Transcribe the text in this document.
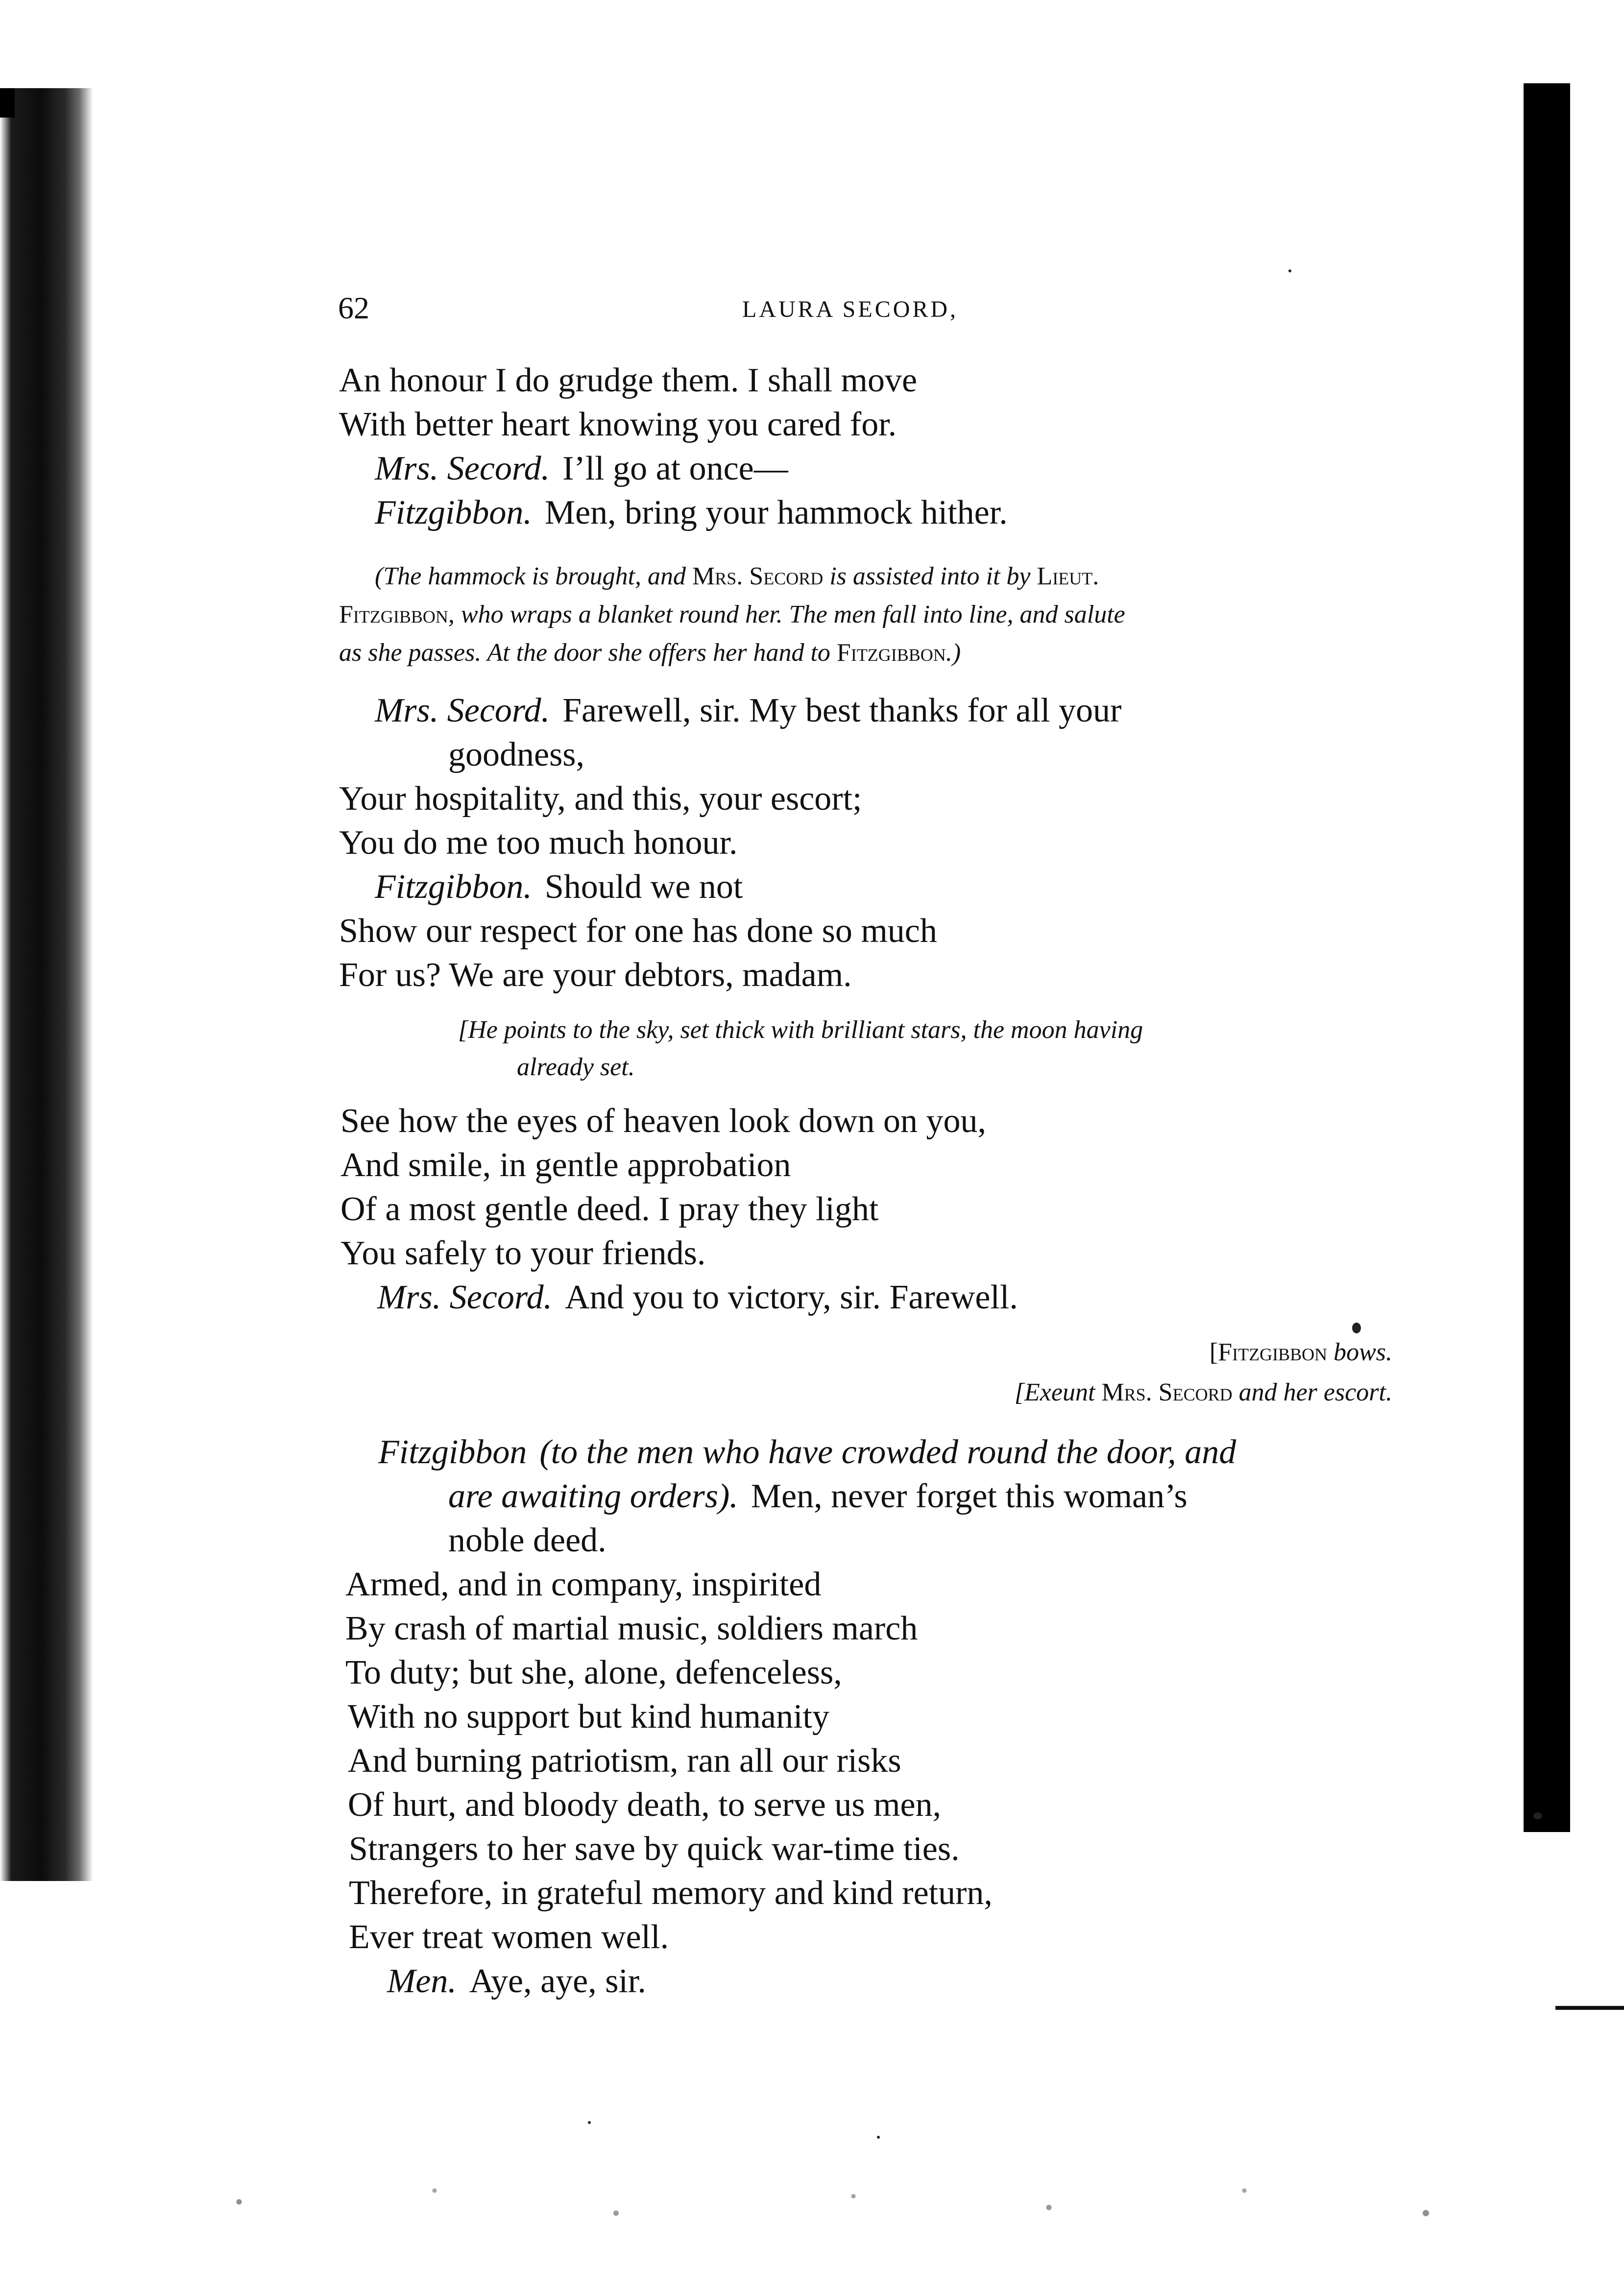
62	LAURA SECORD,
An honour I do grudge them. I shall move
With better heart knowing you cared for.
Mrs. Secord. I’ll go at once—
Fitzgibbon. Men, bring your hammock hither.
(The hammock is brought, and Mrs. Secord is assisted into it by Lieut.
Fitzgibbon, who wraps a blanket round her. The men fall into line, and salute
as she passes. At the door she offers her hand to Fitzgibbon.)
Mrs. Secord. Farewell, sir. My best thanks for all your
goodness,
Your hospitality, and this, your escort;
You do me too much honour.
Fitzgibbon. Should we not
Show our respect for one has done so much
For us? We are your debtors, madam.
[He points to the sky, set thick with brilliant stars, the moon having
already set.
See how the eyes of heaven look down on you,
And smile, in gentle approbation
Of a most gentle deed. I pray they light
You safely to your friends.
Mrs. Secord. And you to victory, sir. Farewell.
[Fitzgibbon bows.
[Exeunt Mrs. Secord and her escort.
Fitzgibbon (to the men who have crowded round the door, and
are awaiting orders). Men, never forget this woman’s
noble deed.
Armed, and in company, inspirited
By crash of martial music, soldiers march
To duty; but she, alone, defenceless,
With no support but kind humanity
And burning patriotism, ran all our risks
Of hurt, and bloody death, to serve us men,
Strangers to her save by quick war-time ties.
Therefore, in grateful memory and kind return,
Ever treat women well.
Men. Aye, aye, sir.
